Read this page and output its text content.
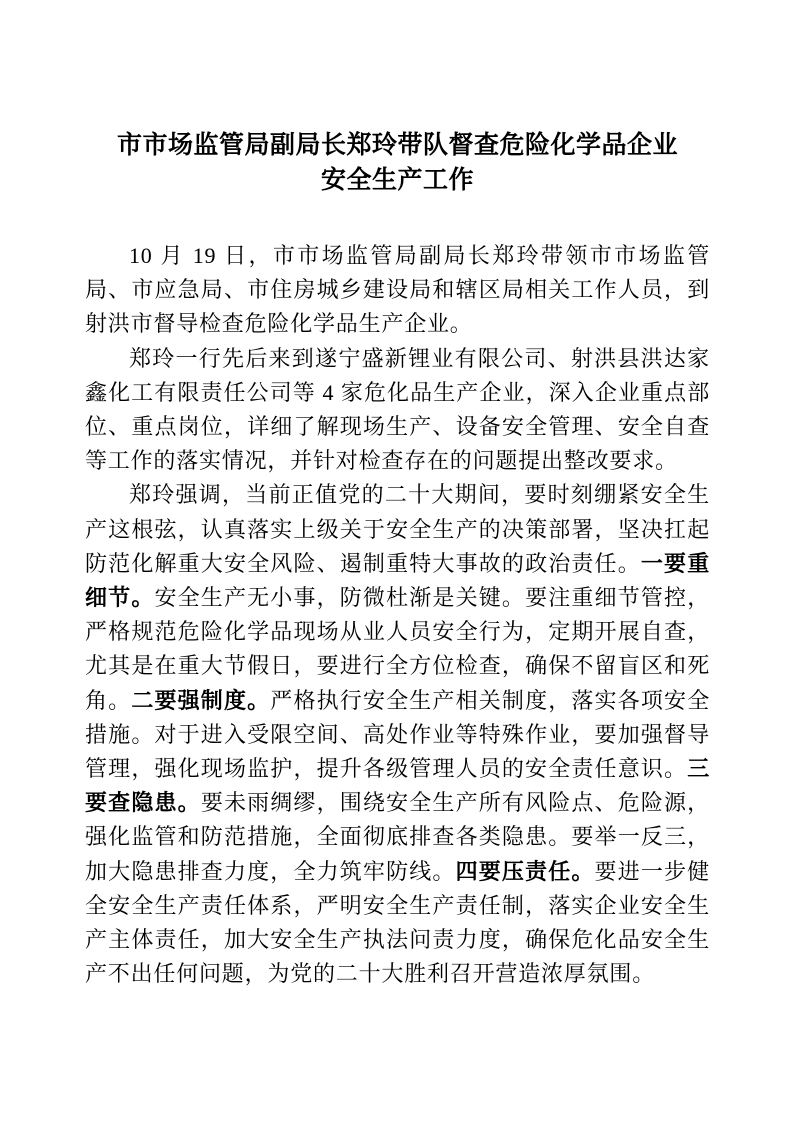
市市场监管局副局长郑玲带队督查危险化学品企业
安全生产工作

10 月 19 日，市市场监管局副局长郑玲带领市市场监管局、市应急局、市住房城乡建设局和辖区局相关工作人员，到射洪市督导检查危险化学品生产企业。

郑玲一行先后来到遂宁盛新锂业有限公司、射洪县洪达家鑫化工有限责任公司等 4 家危化品生产企业，深入企业重点部位、重点岗位，详细了解现场生产、设备安全管理、安全自查等工作的落实情况，并针对检查存在的问题提出整改要求。

郑玲强调，当前正值党的二十大期间，要时刻绷紧安全生产这根弦，认真落实上级关于安全生产的决策部署，坚决扛起防范化解重大安全风险、遏制重特大事故的政治责任。一要重细节。安全生产无小事，防微杜渐是关键。要注重细节管控，严格规范危险化学品现场从业人员安全行为，定期开展自查，尤其是在重大节假日，要进行全方位检查，确保不留盲区和死角。二要强制度。严格执行安全生产相关制度，落实各项安全措施。对于进入受限空间、高处作业等特殊作业，要加强督导管理，强化现场监护，提升各级管理人员的安全责任意识。三要查隐患。要未雨绸缪，围绕安全生产所有风险点、危险源，强化监管和防范措施，全面彻底排查各类隐患。要举一反三，加大隐患排查力度，全力筑牢防线。四要压责任。要进一步健全安全生产责任体系，严明安全生产责任制，落实企业安全生产主体责任，加大安全生产执法问责力度，确保危化品安全生产不出任何问题，为党的二十大胜利召开营造浓厚氛围。
